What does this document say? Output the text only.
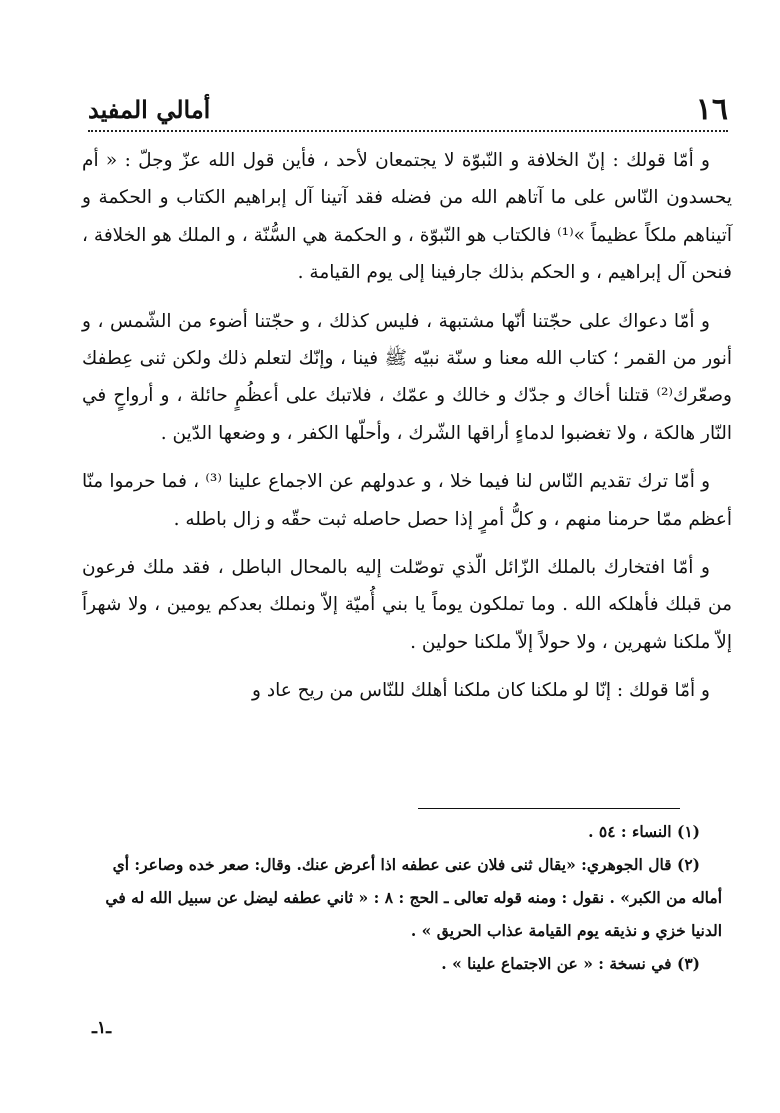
١٦
أمالي المفيد

و أمّا قولك : إنّ الخلافة و النّبوّة لا يجتمعان لأحد ، فأين قول الله عزّ وجلّ : « أم يحسدون النّاس على ما آتاهم الله من فضله فقد آتينا آل إبراهيم الكتاب و الحكمة و آتيناهم ملكاً عظيماً »⁽¹⁾ فالكتاب هو النّبوّة ، و الحكمة هي السُّنّة ، و الملك هو الخلافة ، فنحن آل إبراهيم ، و الحكم بذلك جارفينا إلى يوم القيامة .

و أمّا دعواك على حجّتنا أنّها مشتبهة ، فليس كذلك ، و حجّتنا أضوء من الشّمس ، و أنور من القمر ؛ كتاب الله معنا و سنّة نبيّه ﷺ فينا ، وإنّك لتعلم ذلك ولكن ثنى عِطفك وصعّرك⁽²⁾ قتلنا أخاك و جدّك و خالك و عمّك ، فلاتبك على أعظُمٍ حائلة ، و أرواحٍ في النّار هالكة ، ولا تغضبوا لدماءٍ أراقها الشّرك ، وأحلّها الكفر ، و وضعها الدّين .

و أمّا ترك تقديم النّاس لنا فيما خلا ، و عدولهم عن الاجماع علينا ⁽³⁾ ، فما حرموا منّا أعظم ممّا حرمنا منهم ، و كلُّ أمرٍ إذا حصل حاصله ثبت حقّه و زال باطله .

و أمّا افتخارك بالملك الزّائل الّذي توصّلت إليه بالمحال الباطل ، فقد ملك فرعون من قبلك فأهلكه الله . وما تملكون يوماً يا بني أُميّة إلاّ ونملك بعدكم يومين ، ولا شهراً إلاّ ملكنا شهرين ، ولا حولاً إلاّ ملكنا حولين .

و أمّا قولك : إنّا لو ملكنا كان ملكنا أهلك للنّاس من ريح عاد و

(١) النساء : ٥٤ .

(٢) قال الجوهري: «يقال ثنى فلان عنى عطفه اذا أعرض عنك. وقال: صعر خده وصاعر: أي أماله من الكبر» . نقول : ومنه قوله تعالى ـ الحج : ٨ : « ثاني عطفه ليضل عن سبيل الله له في الدنيا خزي و نذيقه يوم القيامة عذاب الحريق » .

(٣) في نسخة : « عن الاجتماع علينا » .

ـ١ـ
